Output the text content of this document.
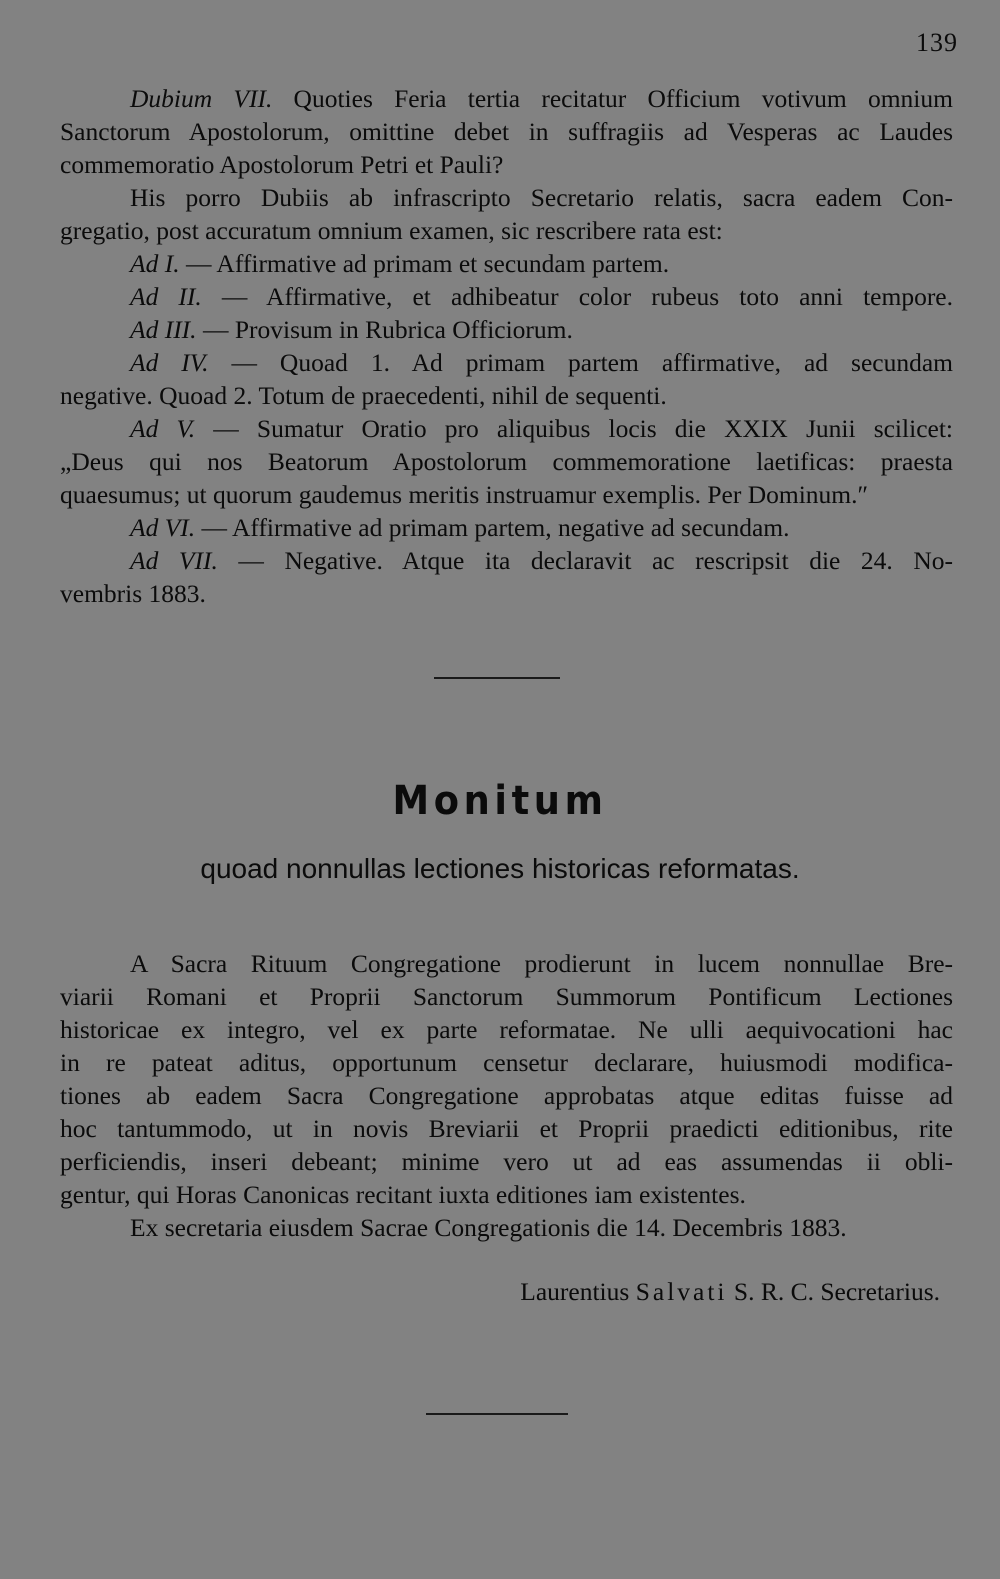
139
Dubium VII. Quoties Feria tertia recitatur Officium votivum omnium
Sanctorum Apostolorum, omittine debet in suffragiis ad Vesperas ac Laudes
commemoratio Apostolorum Petri et Pauli?
His porro Dubiis ab infrascripto Secretario relatis, sacra eadem Con-
gregatio, post accuratum omnium examen, sic rescribere rata est:
Ad I. — Affirmative ad primam et secundam partem.
Ad II. — Affirmative, et adhibeatur color rubeus toto anni tempore.
Ad III. — Provisum in Rubrica Officiorum.
Ad IV. — Quoad 1. Ad primam partem affirmative, ad secundam
negative. Quoad 2. Totum de praecedenti, nihil de sequenti.
Ad V. — Sumatur Oratio pro aliquibus locis die XXIX Junii scilicet:
„Deus qui nos Beatorum Apostolorum commemoratione laetificas: praesta
quaesumus; ut quorum gaudemus meritis instruamur exemplis. Per Dominum.″
Ad VI. — Affirmative ad primam partem, negative ad secundam.
Ad VII. — Negative. Atque ita declaravit ac rescripsit die 24. No-
vembris 1883.
Monitum
quoad nonnullas lectiones historicas reformatas.
A Sacra Rituum Congregatione prodierunt in lucem nonnullae Bre-
viarii Romani et Proprii Sanctorum Summorum Pontificum Lectiones
historicae ex integro, vel ex parte reformatae. Ne ulli aequivocationi hac
in re pateat aditus, opportunum censetur declarare, huiusmodi modifica-
tiones ab eadem Sacra Congregatione approbatas atque editas fuisse ad
hoc tantummodo, ut in novis Breviarii et Proprii praedicti editionibus, rite
perficiendis, inseri debeant; minime vero ut ad eas assumendas ii obli-
gentur, qui Horas Canonicas recitant iuxta editiones iam existentes.
Ex secretaria eiusdem Sacrae Congregationis die 14. Decembris 1883.
Laurentius Salvati S. R. C. Secretarius.
